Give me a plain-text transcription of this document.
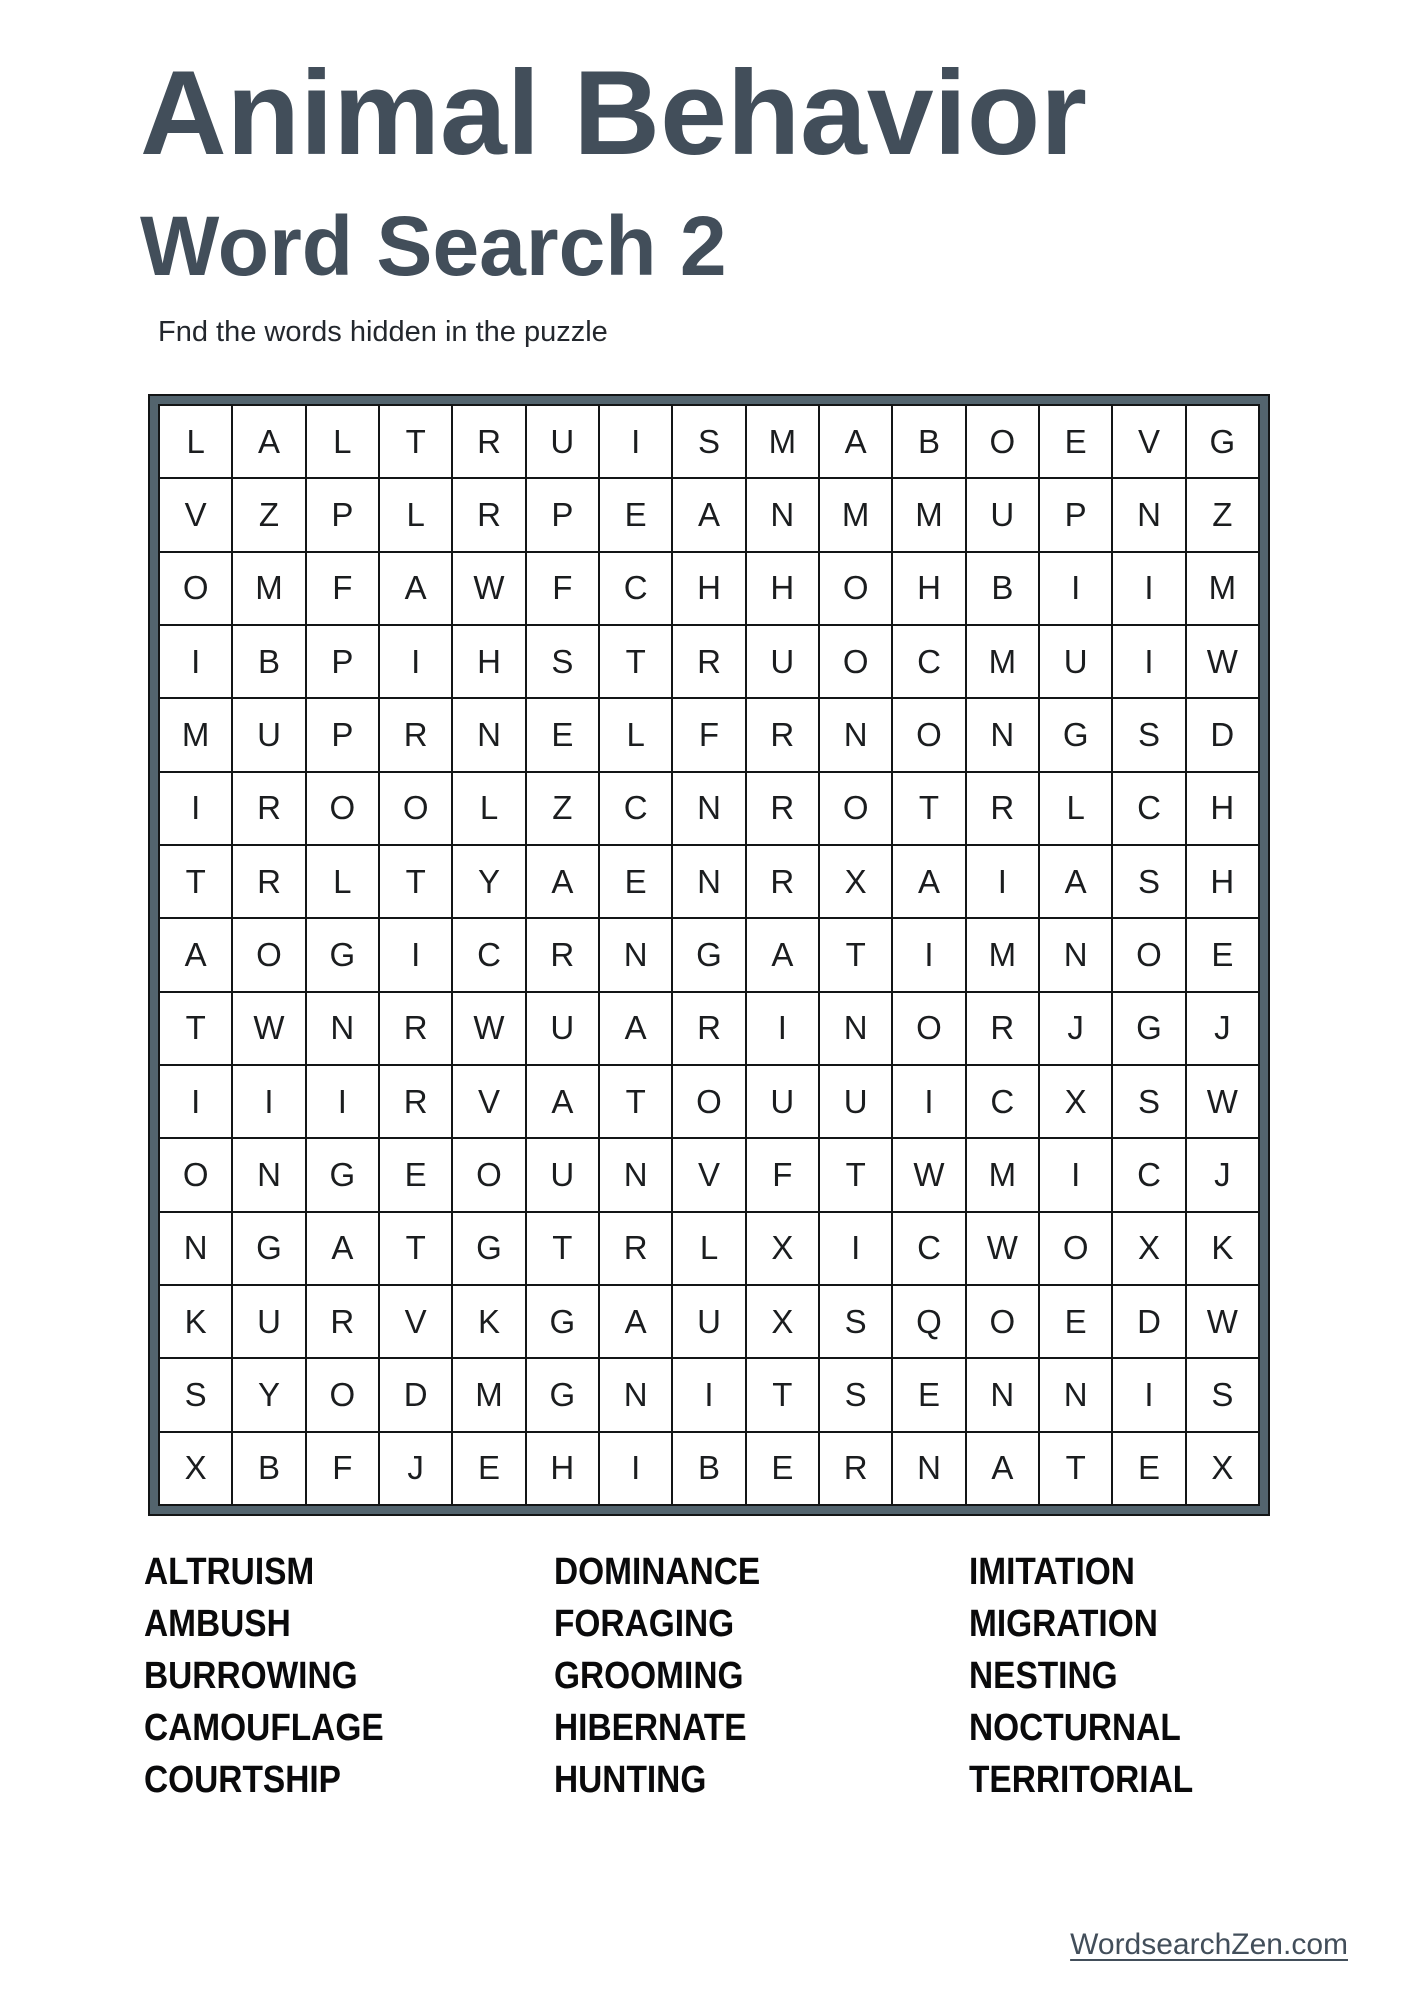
Animal Behavior
Word Search 2
Fnd the words hidden in the puzzle
L	A	L	T	R	U	I	S	M	A	B	O	E	V	G
V	Z	P	L	R	P	E	A	N	M	M	U	P	N	Z
O	M	F	A	W	F	C	H	H	O	H	B	I	I	M
I	B	P	I	H	S	T	R	U	O	C	M	U	I	W
M	U	P	R	N	E	L	F	R	N	O	N	G	S	D
I	R	O	O	L	Z	C	N	R	O	T	R	L	C	H
T	R	L	T	Y	A	E	N	R	X	A	I	A	S	H
A	O	G	I	C	R	N	G	A	T	I	M	N	O	E
T	W	N	R	W	U	A	R	I	N	O	R	J	G	J
I	I	I	R	V	A	T	O	U	U	I	C	X	S	W
O	N	G	E	O	U	N	V	F	T	W	M	I	C	J
N	G	A	T	G	T	R	L	X	I	C	W	O	X	K
K	U	R	V	K	G	A	U	X	S	Q	O	E	D	W
S	Y	O	D	M	G	N	I	T	S	E	N	N	I	S
X	B	F	J	E	H	I	B	E	R	N	A	T	E	X
ALTRUISM
AMBUSH
BURROWING
CAMOUFLAGE
COURTSHIP
DOMINANCE
FORAGING
GROOMING
HIBERNATE
HUNTING
IMITATION
MIGRATION
NESTING
NOCTURNAL
TERRITORIAL
WordsearchZen.com
